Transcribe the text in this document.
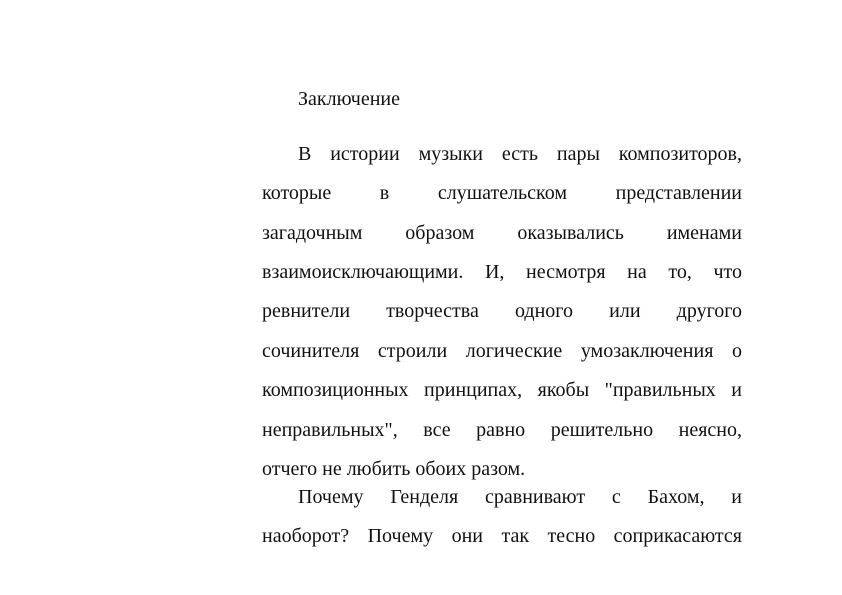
Заключение

В истории музыки есть пары композиторов,

которые в слушательском представлении

загадочным образом оказывались именами

взаимоисключающими. И, несмотря на то, что

ревнители творчества одного или другого

сочинителя строили логические умозаключения о

композиционных принципах, якобы "правильных и

неправильных", все равно решительно неясно,

отчего не любить обоих разом.

Почему Генделя сравнивают с Бахом, и

наоборот? Почему они так тесно соприкасаются
